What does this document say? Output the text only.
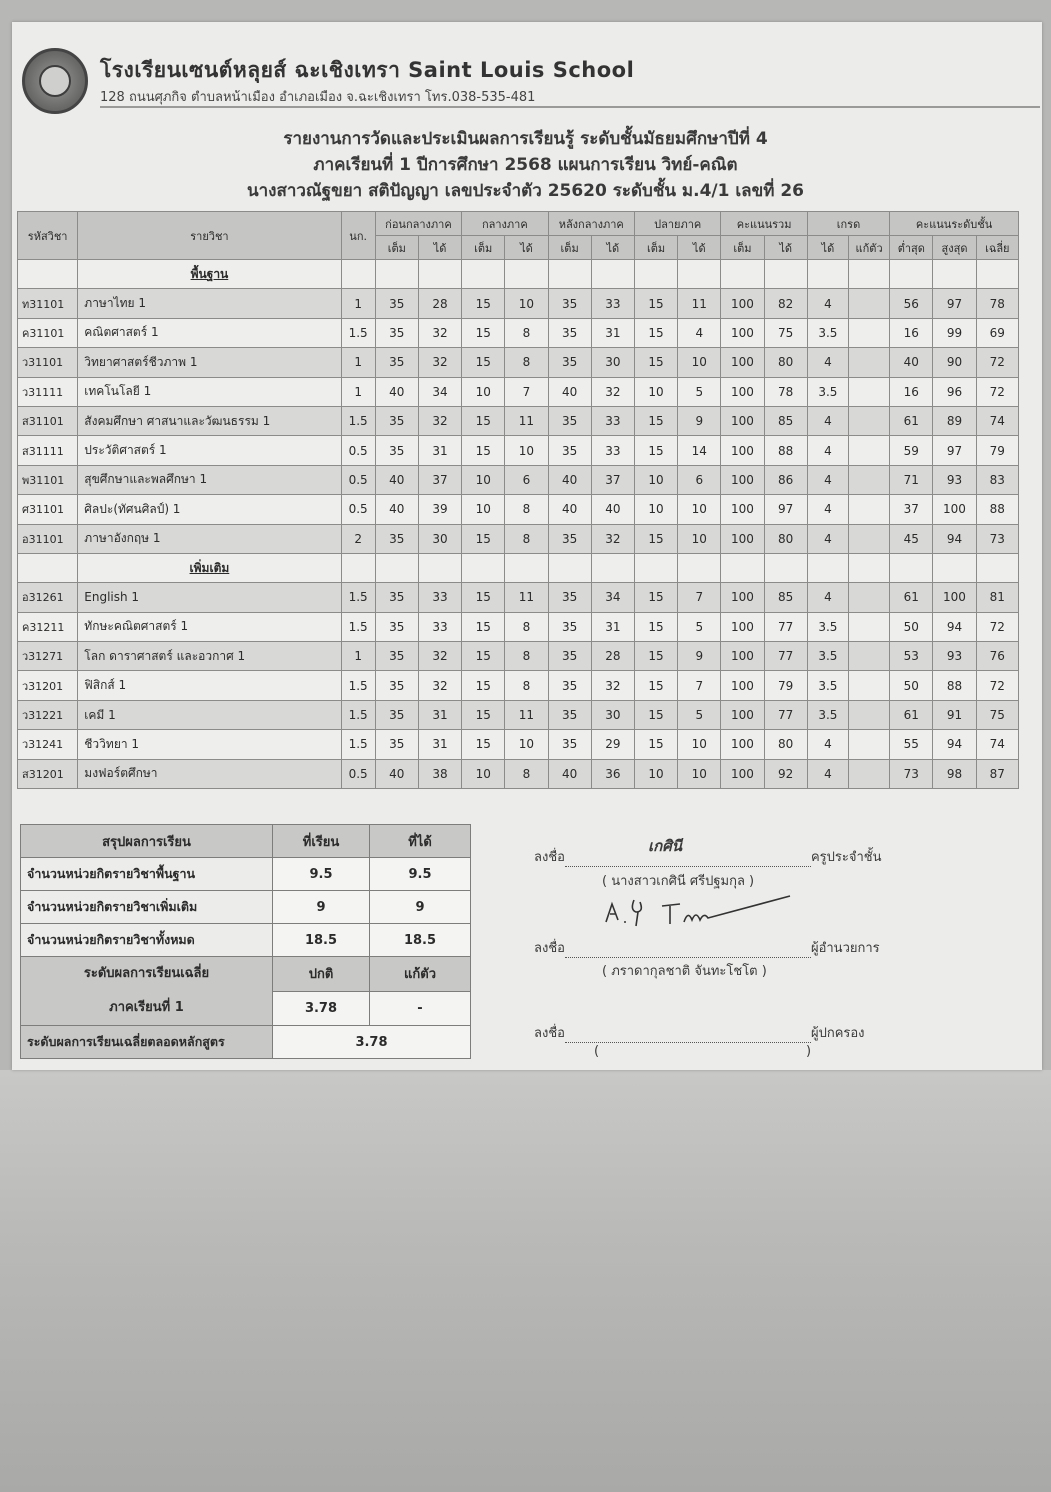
โรงเรียนเซนต์หลุยส์ ฉะเชิงเทรา Saint Louis School
128 ถนนศุภกิจ ตำบลหน้าเมือง อำเภอเมือง จ.ฉะเชิงเทรา โทร.038-535-481
รายงานการวัดและประเมินผลการเรียนรู้ ระดับชั้นมัธยมศึกษาปีที่ 4
ภาคเรียนที่ 1 ปีการศึกษา 2568 แผนการเรียน วิทย์-คณิต
นางสาวณัฐขยา สติปัญญา เลขประจำตัว 25620 ระดับชั้น ม.4/1 เลขที่ 26
รหัสวิชา	รายวิชา	นก.	ก่อนกลางภาค		กลางภาค		หลังกลางภาค		ปลายภาค		คะแนนรวม		เกรด		คะแนนระดับชั้น		
			เต็ม	ได้	เต็ม	ได้	เต็ม	ได้	เต็ม	ได้	เต็ม	ได้	ได้	แก้ตัว	ต่ำสุด	สูงสุด	เฉลี่ย
	พื้นฐาน																
ท31101	ภาษาไทย 1	1	35	28	15	10	35	33	15	11	100	82	4		56	97	78
ค31101	คณิตศาสตร์ 1	1.5	35	32	15	8	35	31	15	4	100	75	3.5		16	99	69
ว31101	วิทยาศาสตร์ชีวภาพ 1	1	35	32	15	8	35	30	15	10	100	80	4		40	90	72
ว31111	เทคโนโลยี 1	1	40	34	10	7	40	32	10	5	100	78	3.5		16	96	72
ส31101	สังคมศึกษา ศาสนาและวัฒนธรรม 1	1.5	35	32	15	11	35	33	15	9	100	85	4		61	89	74
ส31111	ประวัติศาสตร์ 1	0.5	35	31	15	10	35	33	15	14	100	88	4		59	97	79
พ31101	สุขศึกษาและพลศึกษา 1	0.5	40	37	10	6	40	37	10	6	100	86	4		71	93	83
ศ31101	ศิลปะ(ทัศนศิลป์) 1	0.5	40	39	10	8	40	40	10	10	100	97	4		37	100	88
อ31101	ภาษาอังกฤษ 1	2	35	30	15	8	35	32	15	10	100	80	4		45	94	73
	เพิ่มเติม																
อ31261	English 1	1.5	35	33	15	11	35	34	15	7	100	85	4		61	100	81
ค31211	ทักษะคณิตศาสตร์ 1	1.5	35	33	15	8	35	31	15	5	100	77	3.5		50	94	72
ว31271	โลก ดาราศาสตร์ และอวกาศ 1	1	35	32	15	8	35	28	15	9	100	77	3.5		53	93	76
ว31201	ฟิสิกส์ 1	1.5	35	32	15	8	35	32	15	7	100	79	3.5		50	88	72
ว31221	เคมี 1	1.5	35	31	15	11	35	30	15	5	100	77	3.5		61	91	75
ว31241	ชีววิทยา 1	1.5	35	31	15	10	35	29	15	10	100	80	4		55	94	74
ส31201	มงฟอร์ตศึกษา	0.5	40	38	10	8	40	36	10	10	100	92	4		73	98	87
สรุปผลการเรียน	ที่เรียน	ที่ได้
จำนวนหน่วยกิตรายวิชาพื้นฐาน	9.5	9.5
จำนวนหน่วยกิตรายวิชาเพิ่มเติม	9	9
จำนวนหน่วยกิตรายวิชาทั้งหมด	18.5	18.5

ระดับผลการเรียนเฉลี่ย
ภาคเรียนที่ 1	ปกติ	แก้ตัว
	3.78	-
ระดับผลการเรียนเฉลี่ยตลอดหลักสูตร	3.78	
ลงชื่อ	ครูประจำชั้น
เกศินี
( นางสาวเกศินี ศรีปฐมกุล )
ลงชื่อ	ผู้อำนวยการ
( ภราดากุลชาติ จันทะโชโต )
ลงชื่อ	ผู้ปกครอง
(	)
